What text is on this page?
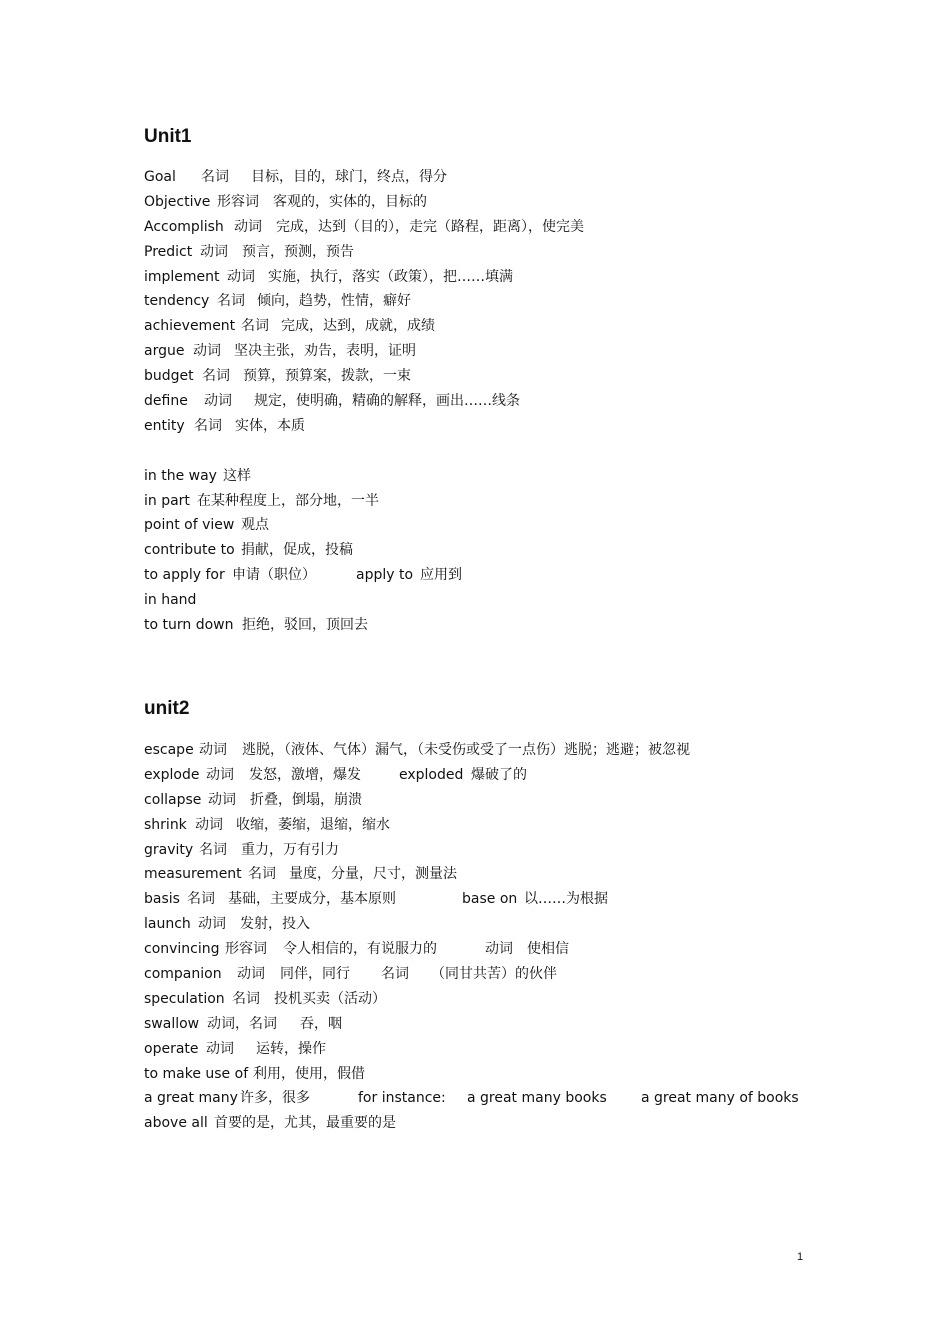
Unit1
Goal 名词 目标，目的，球门，终点，得分
Objective 形容词 客观的，实体的，目标的
Accomplish 动词 完成，达到（目的），走完（路程，距离），使完美
Predict 动词 预言，预测，预告
implement 动词 实施，执行，落实（政策），把……填满
tendency 名词 倾向，趋势，性情，癖好
achievement 名词 完成，达到，成就，成绩
argue 动词 坚决主张，劝告，表明，证明
budget 名词 预算，预算案，拨款，一束
define 动词 规定，使明确，精确的解释，画出……线条
entity 名词 实体，本质
in the way 这样
in part 在某种程度上，部分地，一半
point of view 观点
contribute to 捐献，促成，投稿
to apply for 申请（职位）	apply to 应用到
in hand
to turn down 拒绝，驳回，顶回去
unit2
escape 动词 逃脱，（液体、气体）漏气，（未受伤或受了一点伤）逃脱；逃避；被忽视
explode 动词 发怒，激增，爆发	exploded 爆破了的
collapse 动词 折叠，倒塌，崩溃
shrink 动词 收缩，萎缩，退缩，缩水
gravity 名词 重力，万有引力
measurement 名词 量度，分量，尺寸，测量法
basis 名词 基础，主要成分，基本原则	base on 以……为根据
launch 动词 发射，投入
convincing 形容词 令人相信的，有说服力的	动词 使相信
companion 动词 同伴，同行 名词 （同甘共苦）的伙伴
speculation 名词 投机买卖（活动）
swallow 动词，名词 吞，咽
operate 动词 运转，操作
to make use of 利用，使用，假借
a great many 许多，很多	for instance: a great many books a great many of books
above all 首要的是，尤其，最重要的是
1
